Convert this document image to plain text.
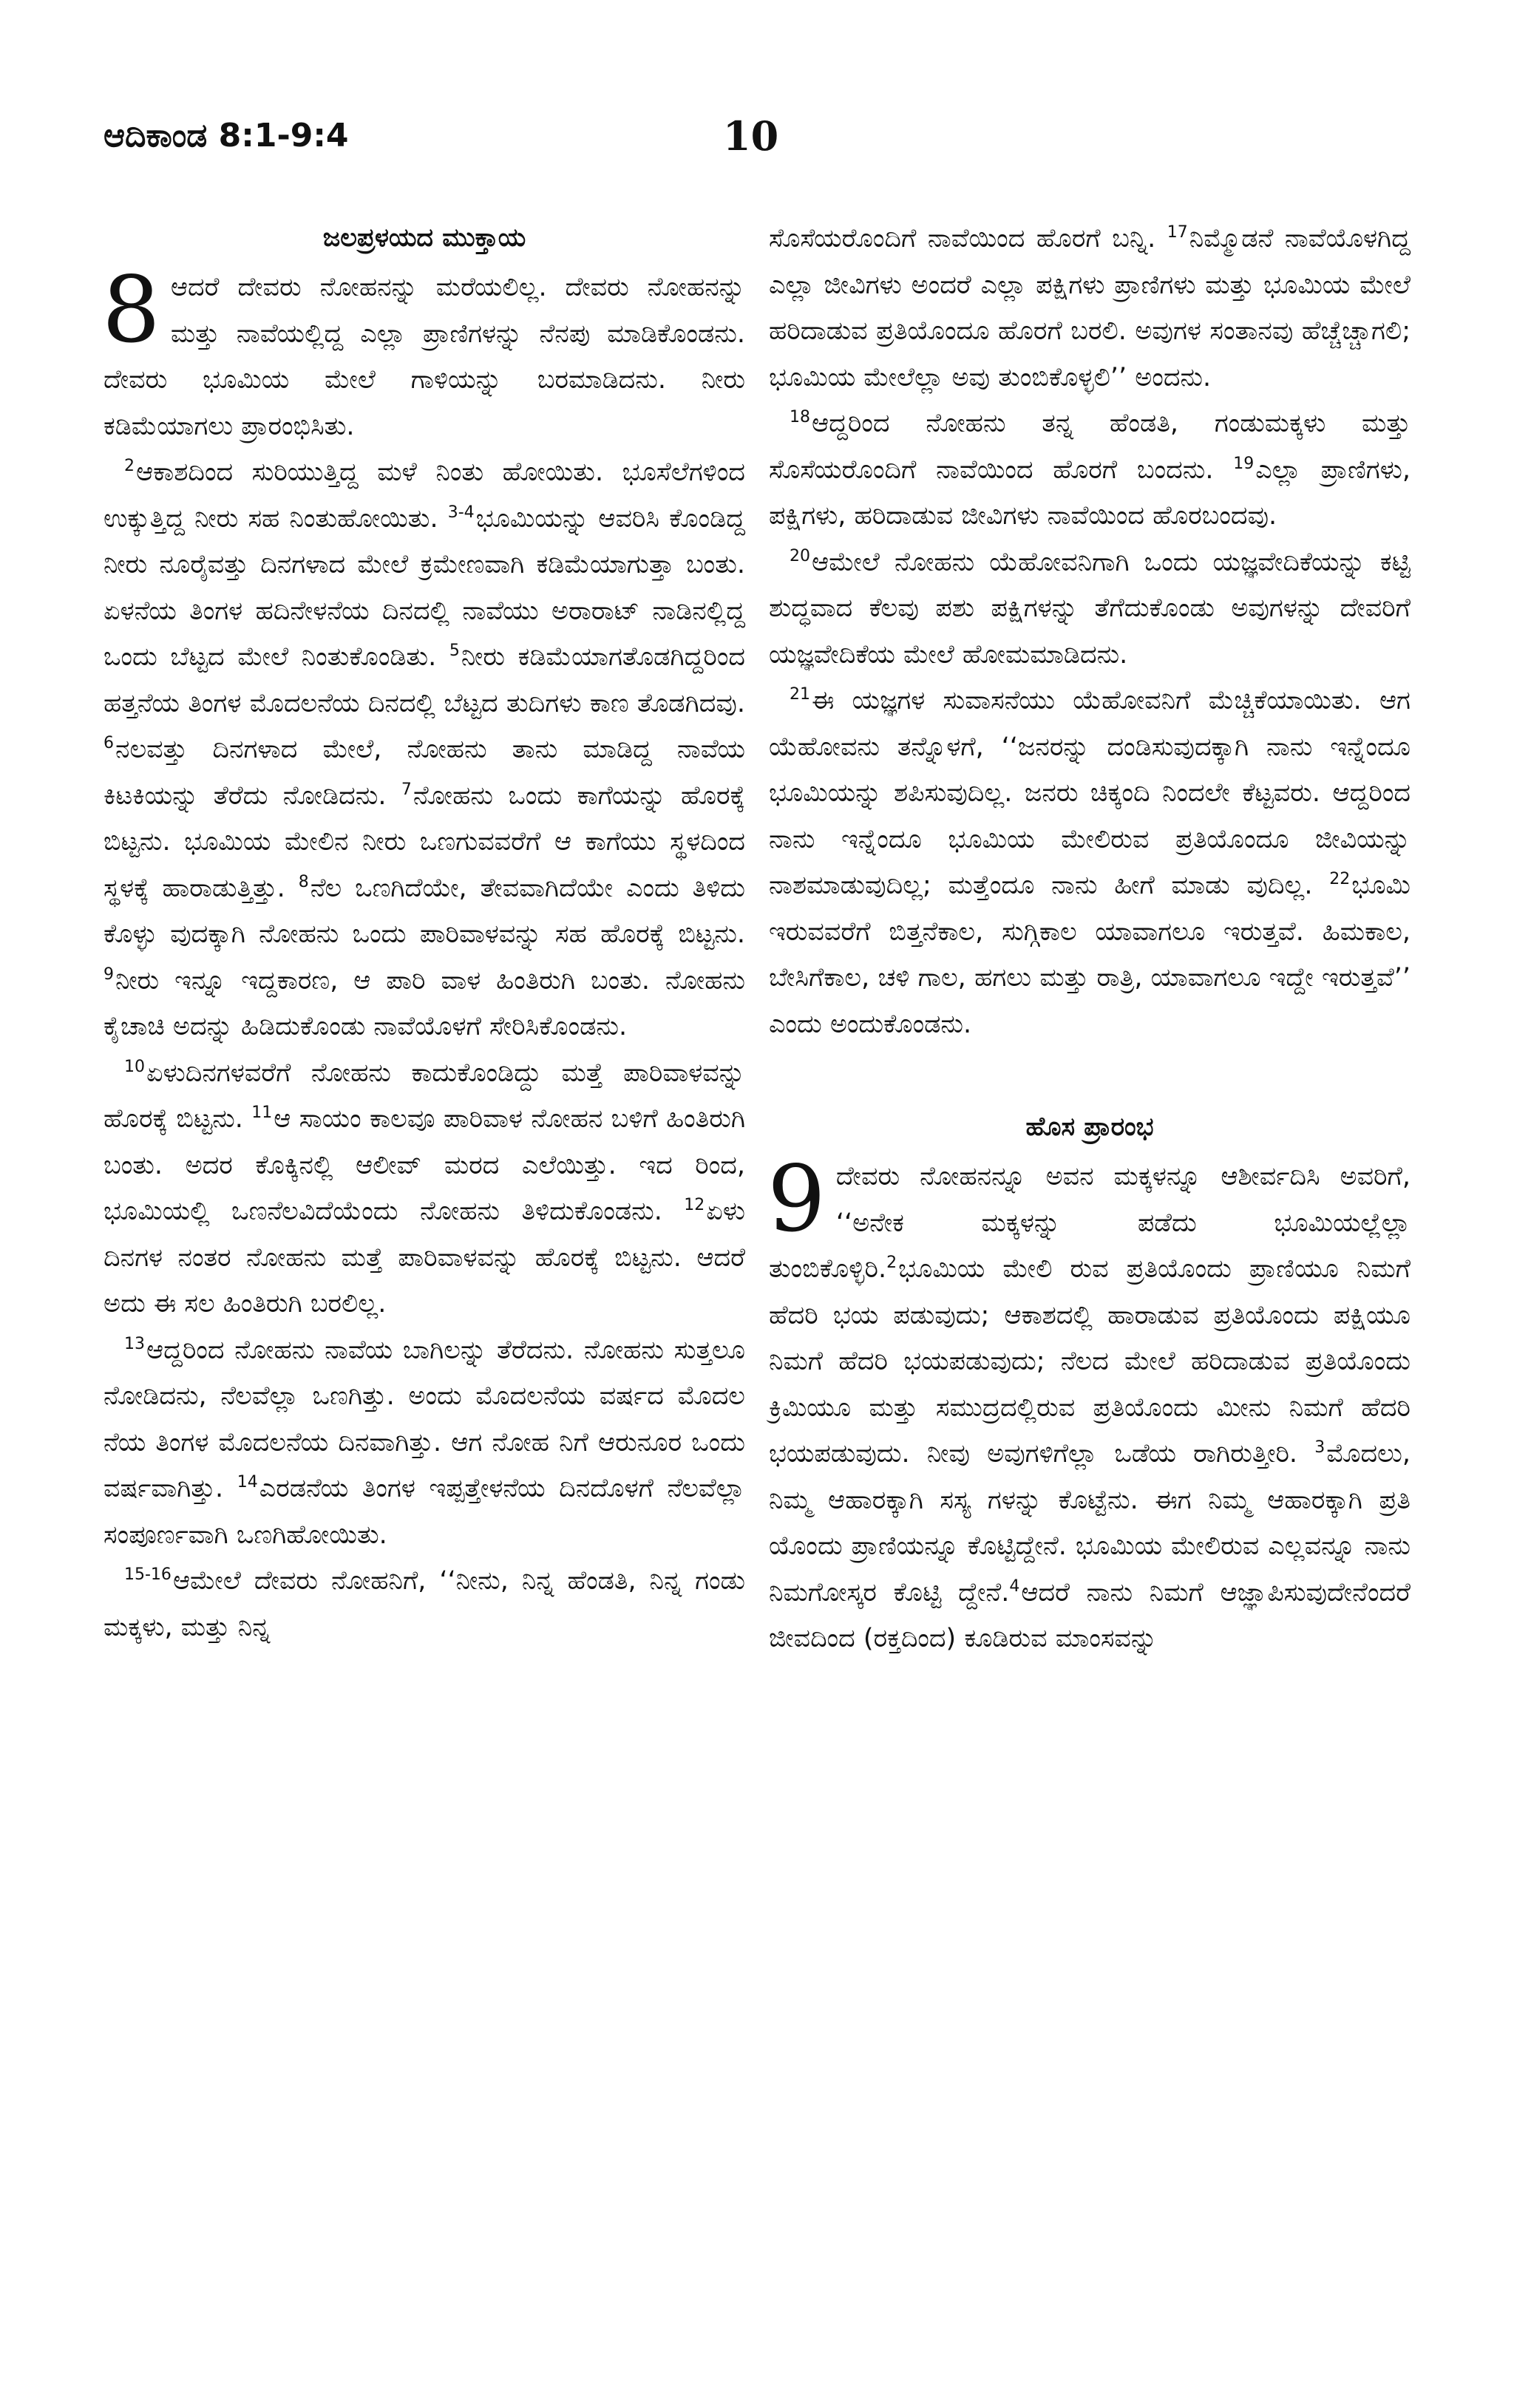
ಆದಿಕಾಂಡ 8:1-9:4	10
ಜಲಪ್ರಳಯದ ಮುಕ್ತಾಯ

8 ಆದರೆ ದೇವರು ನೋಹನನ್ನು ಮರೆಯಲಿಲ್ಲ. ದೇವರು ನೋಹನನ್ನು ಮತ್ತು ನಾವೆಯಲ್ಲಿದ್ದ ಎಲ್ಲಾ ಪ್ರಾಣಿಗಳನ್ನು ನೆನಪು ಮಾಡಿಕೊಂಡನು. ದೇವರು ಭೂಮಿಯ ಮೇಲೆ ಗಾಳಿಯನ್ನು ಬರಮಾಡಿದನು. ನೀರು ಕಡಿಮೆಯಾಗಲು ಪ್ರಾರಂಭಿಸಿತು.

$^2$ಆಕಾಶದಿಂದ ಸುರಿಯುತ್ತಿದ್ದ ಮಳೆ ನಿಂತು ಹೋಯಿತು. ಭೂಸೆಲೆಗಳಿಂದ ಉಕ್ಕುತ್ತಿದ್ದ ನೀರು ಸಹ ನಿಂತುಹೋಯಿತು. $^{3-4}$ಭೂಮಿಯನ್ನು ಆವರಿಸಿ ಕೊಂಡಿದ್ದ ನೀರು ನೂರೈವತ್ತು ದಿನಗಳಾದ ಮೇಲೆ ಕ್ರಮೇಣವಾಗಿ ಕಡಿಮೆಯಾಗುತ್ತಾ ಬಂತು. ಏಳನೆಯ ತಿಂಗಳ ಹದಿನೇಳನೆಯ ದಿನದಲ್ಲಿ ನಾವೆಯು ಅರಾರಾಟ್ ನಾಡಿನಲ್ಲಿದ್ದ ಒಂದು ಬೆಟ್ಟದ ಮೇಲೆ ನಿಂತುಕೊಂಡಿತು. $^5$ನೀರು ಕಡಿಮೆಯಾಗತೊಡಗಿದ್ದರಿಂದ ಹತ್ತನೆಯ ತಿಂಗಳ ಮೊದಲನೆಯ ದಿನದಲ್ಲಿ ಬೆಟ್ಟದ ತುದಿಗಳು ಕಾಣ ತೊಡಗಿದವು. $^6$ನಲವತ್ತು ದಿನಗಳಾದ ಮೇಲೆ, ನೋಹನು ತಾನು ಮಾಡಿದ್ದ ನಾವೆಯ ಕಿಟಕಿಯನ್ನು ತೆರೆದು ನೋಡಿದನು. $^7$ನೋಹನು ಒಂದು ಕಾಗೆಯನ್ನು ಹೊರಕ್ಕೆ ಬಿಟ್ಟನು. ಭೂಮಿಯ ಮೇಲಿನ ನೀರು ಒಣಗುವವರೆಗೆ ಆ ಕಾಗೆಯು ಸ್ಥಳದಿಂದ ಸ್ಥಳಕ್ಕೆ ಹಾರಾಡುತ್ತಿತ್ತು. $^8$ನೆಲ ಒಣಗಿದೆಯೇ, ತೇವವಾಗಿದೆಯೇ ಎಂದು ತಿಳಿದು ಕೊಳ್ಳು ವುದಕ್ಕಾಗಿ ನೋಹನು ಒಂದು ಪಾರಿವಾಳವನ್ನು ಸಹ ಹೊರಕ್ಕೆ ಬಿಟ್ಟನು. $^9$ನೀರು ಇನ್ನೂ ಇದ್ದಕಾರಣ, ಆ ಪಾರಿ ವಾಳ ಹಿಂತಿರುಗಿ ಬಂತು. ನೋಹನು ಕೈಚಾಚಿ ಅದನ್ನು ಹಿಡಿದುಕೊಂಡು ನಾವೆಯೊಳಗೆ ಸೇರಿಸಿಕೊಂಡನು.

$^{10}$ಏಳುದಿನಗಳವರೆಗೆ ನೋಹನು ಕಾದುಕೊಂಡಿದ್ದು ಮತ್ತೆ ಪಾರಿವಾಳವನ್ನು ಹೊರಕ್ಕೆ ಬಿಟ್ಟನು. $^{11}$ಆ ಸಾಯಂ ಕಾಲವೂ ಪಾರಿವಾಳ ನೋಹನ ಬಳಿಗೆ ಹಿಂತಿರುಗಿ ಬಂತು. ಅದರ ಕೊಕ್ಕಿನಲ್ಲಿ ಆಲೀವ್ ಮರದ ಎಲೆಯಿತ್ತು. ಇದ ರಿಂದ, ಭೂಮಿಯಲ್ಲಿ ಒಣನೆಲವಿದೆಯೆಂದು ನೋಹನು ತಿಳಿದುಕೊಂಡನು. $^{12}$ಏಳು ದಿನಗಳ ನಂತರ ನೋಹನು ಮತ್ತೆ ಪಾರಿವಾಳವನ್ನು ಹೊರಕ್ಕೆ ಬಿಟ್ಟನು. ಆದರೆ ಅದು ಈ ಸಲ ಹಿಂತಿರುಗಿ ಬರಲಿಲ್ಲ.

$^{13}$ಆದ್ದರಿಂದ ನೋಹನು ನಾವೆಯ ಬಾಗಿಲನ್ನು ತೆರೆದನು. ನೋಹನು ಸುತ್ತಲೂ ನೋಡಿದನು, ನೆಲವೆಲ್ಲಾ ಒಣಗಿತ್ತು. ಅಂದು ಮೊದಲನೆಯ ವರ್ಷದ ಮೊದಲ ನೆಯ ತಿಂಗಳ ಮೊದಲನೆಯ ದಿನವಾಗಿತ್ತು. ಆಗ ನೋಹ ನಿಗೆ ಆರುನೂರ ಒಂದು ವರ್ಷವಾಗಿತ್ತು. $^{14}$ಎರಡನೆಯ ತಿಂಗಳ ಇಪ್ಪತ್ತೇಳನೆಯ ದಿನದೊಳಗೆ ನೆಲವೆಲ್ಲಾ ಸಂಪೂರ್ಣವಾಗಿ ಒಣಗಿಹೋಯಿತು.

$^{15-16}$ಆಮೇಲೆ ದೇವರು ನೋಹನಿಗೆ, ‘‘ನೀನು, ನಿನ್ನ ಹೆಂಡತಿ, ನಿನ್ನ ಗಂಡು ಮಕ್ಕಳು, ಮತ್ತು ನಿನ್ನ

ಸೊಸೆಯರೊಂದಿಗೆ ನಾವೆಯಿಂದ ಹೊರಗೆ ಬನ್ನಿ. $^{17}$ನಿಮ್ಮೊಡನೆ ನಾವೆಯೊಳಗಿದ್ದ ಎಲ್ಲಾ ಜೀವಿಗಳು ಅಂದರೆ ಎಲ್ಲಾ ಪಕ್ಷಿಗಳು ಪ್ರಾಣಿಗಳು ಮತ್ತು ಭೂಮಿಯ ಮೇಲೆ ಹರಿದಾಡುವ ಪ್ರತಿಯೊಂದೂ ಹೊರಗೆ ಬರಲಿ. ಅವುಗಳ ಸಂತಾನವು ಹೆಚ್ಚೆಚ್ಚಾಗಲಿ; ಭೂಮಿಯ ಮೇಲೆಲ್ಲಾ ಅವು ತುಂಬಿಕೊಳ್ಳಲಿ’’ ಅಂದನು.

$^{18}$ಆದ್ದರಿಂದ ನೋಹನು ತನ್ನ ಹೆಂಡತಿ, ಗಂಡುಮಕ್ಕಳು ಮತ್ತು ಸೊಸೆಯರೊಂದಿಗೆ ನಾವೆಯಿಂದ ಹೊರಗೆ ಬಂದನು. $^{19}$ಎಲ್ಲಾ ಪ್ರಾಣಿಗಳು, ಪಕ್ಷಿಗಳು, ಹರಿದಾಡುವ ಜೀವಿಗಳು ನಾವೆಯಿಂದ ಹೊರಬಂದವು.

$^{20}$ಆಮೇಲೆ ನೋಹನು ಯೆಹೋವನಿಗಾಗಿ ಒಂದು ಯಜ್ಞವೇದಿಕೆಯನ್ನು ಕಟ್ಟಿ ಶುದ್ಧವಾದ ಕೆಲವು ಪಶು ಪಕ್ಷಿಗಳನ್ನು ತೆಗೆದುಕೊಂಡು ಅವುಗಳನ್ನು ದೇವರಿಗೆ ಯಜ್ಞವೇದಿಕೆಯ ಮೇಲೆ ಹೋಮಮಾಡಿದನು.

$^{21}$ಈ ಯಜ್ಞಗಳ ಸುವಾಸನೆಯು ಯೆಹೋವನಿಗೆ ಮೆಚ್ಚಿಕೆಯಾಯಿತು. ಆಗ ಯೆಹೋವನು ತನ್ನೊಳಗೆ, ‘‘ಜನರನ್ನು ದಂಡಿಸುವುದಕ್ಕಾಗಿ ನಾನು ಇನ್ನೆಂದೂ ಭೂಮಿಯನ್ನು ಶಪಿಸುವುದಿಲ್ಲ. ಜನರು ಚಿಕ್ಕಂದಿ ನಿಂದಲೇ ಕೆಟ್ಟವರು. ಆದ್ದರಿಂದ ನಾನು ಇನ್ನೆಂದೂ ಭೂಮಿಯ ಮೇಲಿರುವ ಪ್ರತಿಯೊಂದೂ ಜೀವಿಯನ್ನು ನಾಶಮಾಡುವುದಿಲ್ಲ; ಮತ್ತೆಂದೂ ನಾನು ಹೀಗೆ ಮಾಡು ವುದಿಲ್ಲ. $^{22}$ಭೂಮಿ ಇರುವವರೆಗೆ ಬಿತ್ತನೆಕಾಲ, ಸುಗ್ಗಿಕಾಲ ಯಾವಾಗಲೂ ಇರುತ್ತವೆ. ಹಿಮಕಾಲ, ಬೇಸಿಗೆಕಾಲ, ಚಳಿ ಗಾಲ, ಹಗಲು ಮತ್ತು ರಾತ್ರಿ, ಯಾವಾಗಲೂ ಇದ್ದೇ ಇರುತ್ತವೆ’’ ಎಂದು ಅಂದುಕೊಂಡನು.

ಹೊಸ ಪ್ರಾರಂಭ

9 ದೇವರು ನೋಹನನ್ನೂ ಅವನ ಮಕ್ಕಳನ್ನೂ ಆಶೀರ್ವದಿಸಿ ಅವರಿಗೆ, ‘‘ಅನೇಕ ಮಕ್ಕಳನ್ನು ಪಡೆದು ಭೂಮಿಯಲ್ಲೆಲ್ಲಾ ತುಂಬಿಕೊಳ್ಳಿರಿ.$^2$ಭೂಮಿಯ ಮೇಲಿ ರುವ ಪ್ರತಿಯೊಂದು ಪ್ರಾಣಿಯೂ ನಿಮಗೆ ಹೆದರಿ ಭಯ ಪಡುವುದು; ಆಕಾಶದಲ್ಲಿ ಹಾರಾಡುವ ಪ್ರತಿಯೊಂದು ಪಕ್ಷಿಯೂ ನಿಮಗೆ ಹೆದರಿ ಭಯಪಡುವುದು; ನೆಲದ ಮೇಲೆ ಹರಿದಾಡುವ ಪ್ರತಿಯೊಂದು ಕ್ರಿಮಿಯೂ ಮತ್ತು ಸಮುದ್ರದಲ್ಲಿರುವ ಪ್ರತಿಯೊಂದು ಮೀನು ನಿಮಗೆ ಹೆದರಿ ಭಯಪಡುವುದು. ನೀವು ಅವುಗಳಿಗೆಲ್ಲಾ ಒಡೆಯ ರಾಗಿರುತ್ತೀರಿ. $^3$ಮೊದಲು, ನಿಮ್ಮ ಆಹಾರಕ್ಕಾಗಿ ಸಸ್ಯ ಗಳನ್ನು ಕೊಟ್ಟೆನು. ಈಗ ನಿಮ್ಮ ಆಹಾರಕ್ಕಾಗಿ ಪ್ರತಿ ಯೊಂದು ಪ್ರಾಣಿಯನ್ನೂ ಕೊಟ್ಟಿದ್ದೇನೆ. ಭೂಮಿಯ ಮೇಲಿರುವ ಎಲ್ಲವನ್ನೂ ನಾನು ನಿಮಗೋಸ್ಕರ ಕೊಟ್ಟಿ ದ್ದೇನೆ.$^4$ಆದರೆ ನಾನು ನಿಮಗೆ ಆಜ್ಞಾಪಿಸುವುದೇನೆಂದರೆ ಜೀವದಿಂದ (ರಕ್ತದಿಂದ) ಕೂಡಿರುವ ಮಾಂಸವನ್ನು
